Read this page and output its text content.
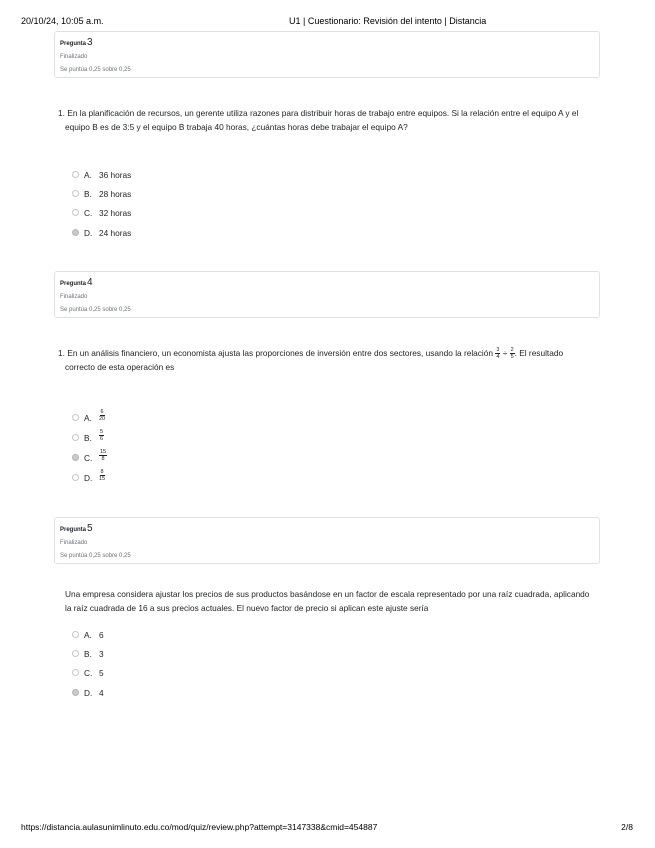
20/10/24, 10:05 a.m.	U1 | Cuestionario: Revisión del intento | Distancia
Pregunta3
Finalizado
Se puntúa 0,25 sobre 0,25
1. En la planificación de recursos, un gerente utiliza razones para distribuir horas de trabajo entre equipos. Si la relación entre el equipo A y el
equipo B es de 3:5 y el equipo B trabaja 40 horas, ¿cuántas horas debe trabajar el equipo A?
A. 36 horas
B. 28 horas
C. 32 horas
D. 24 horas
Pregunta4
Finalizado
Se puntúa 0,25 sobre 0,25
1. En un análisis financiero, un economista ajusta las proporciones de inversión entre dos sectores, usando la relación $\frac{3}{4} \div \frac{2}{5}$ . El resultado
correcto de esta operación es
A. $\frac{6}{20}$
B. $\frac{5}{6}$
C. $\frac{15}{8}$
D. $\frac{8}{15}$
Pregunta5
Finalizado
Se puntúa 0,25 sobre 0,25
Una empresa considera ajustar los precios de sus productos basándose en un factor de escala representado por una raíz cuadrada, aplicando
la raíz cuadrada de 16 a sus precios actuales. El nuevo factor de precio si aplican este ajuste sería
A. 6
B. 3
C. 5
D. 4
https://distancia.aulasunimlinuto.edu.co/mod/quiz/review.php?attempt=3147338&cmid=454887	2/8
